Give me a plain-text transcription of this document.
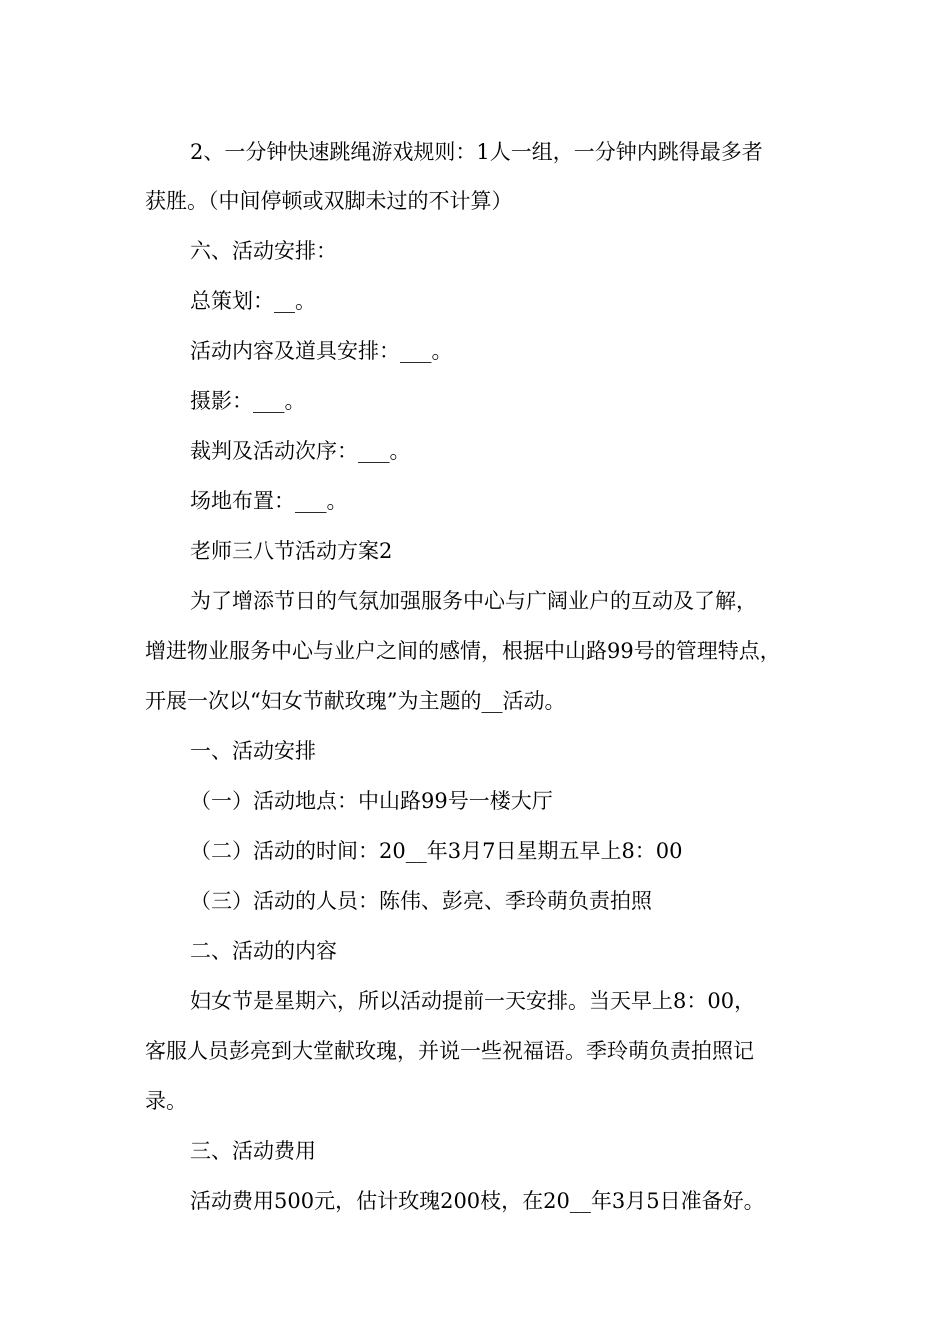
2、一分钟快速跳绳游戏规则：1人一组，一分钟内跳得最多者
获胜。（中间停顿或双脚未过的不计算）
六、活动安排：
总策划：__。
活动内容及道具安排：___。
摄影：___。
裁判及活动次序：___。
场地布置：___。
老师三八节活动方案2
为了增添节日的气氛加强服务中心与广阔业户的互动及了解，
增进物业服务中心与业户之间的感情，根据中山路99号的管理特点，
开展一次以“妇女节献玫瑰”为主题的__活动。
一、活动安排
（一）活动地点：中山路99号一楼大厅
（二）活动的时间：20__年3月7日星期五早上8：00
（三）活动的人员：陈伟、彭亮、季玲萌负责拍照
二、活动的内容
妇女节是星期六，所以活动提前一天安排。当天早上8：00，
客服人员彭亮到大堂献玫瑰，并说一些祝福语。季玲萌负责拍照记
录。
三、活动费用
活动费用500元，估计玫瑰200枝，在20__年3月5日准备好。
